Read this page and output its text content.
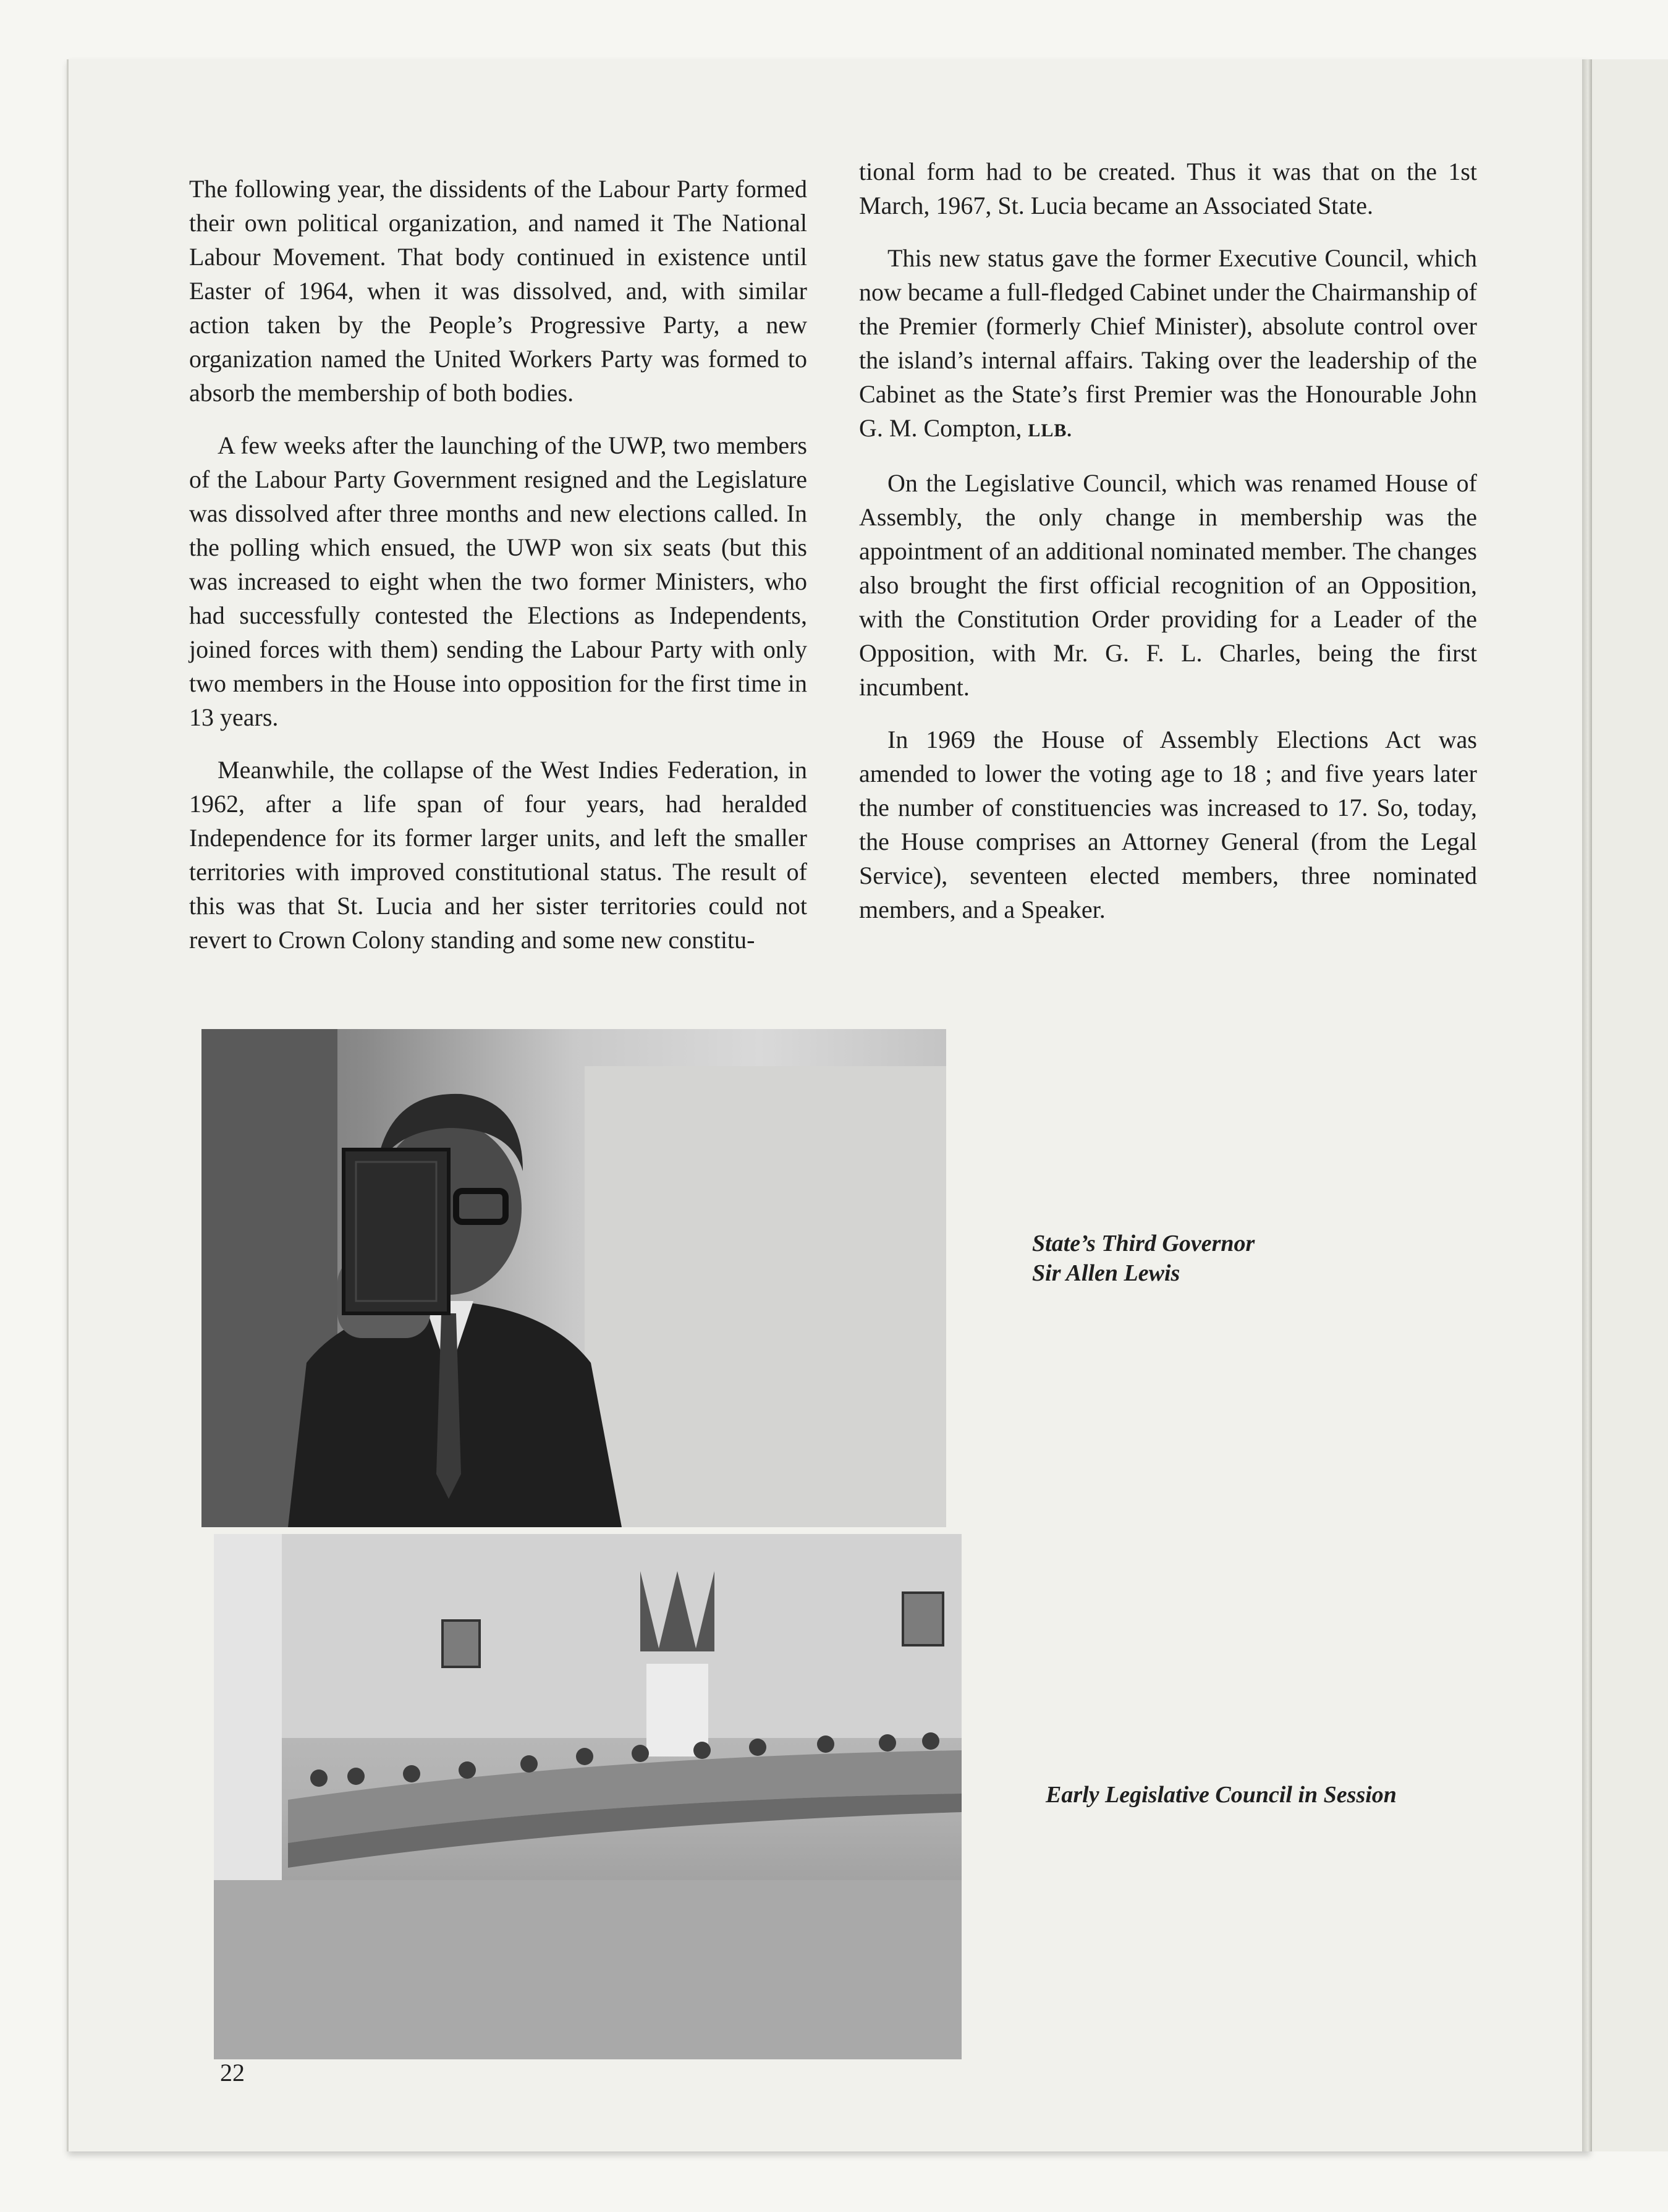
The following year, the dissidents of the Labour Party formed their own political organization, and named it The National Labour Movement. That body continued in existence until Easter of 1964, when it was dissolved, and, with similar action taken by the People’s Progressive Party, a new organization named the United Workers Party was formed to absorb the membership of both bodies.

A few weeks after the launching of the UWP, two members of the Labour Party Government resigned and the Legislature was dissolved after three months and new elections called. In the polling which ensued, the UWP won six seats (but this was increased to eight when the two former Ministers, who had successfully contested the Elections as Independents, joined forces with them) sending the Labour Party with only two members in the House into opposition for the first time in 13 years.

Meanwhile, the collapse of the West Indies Federation, in 1962, after a life span of four years, had heralded Independence for its former larger units, and left the smaller territories with improved constitutional status. The result of this was that St. Lucia and her sister territories could not revert to Crown Colony standing and some new constitu-

tional form had to be created. Thus it was that on the 1st March, 1967, St. Lucia became an Associated State.

This new status gave the former Executive Council, which now became a full-fledged Cabinet under the Chairmanship of the Premier (formerly Chief Minister), absolute control over the island’s internal affairs. Taking over the leadership of the Cabinet as the State’s first Premier was the Honourable John G. M. Compton, LLB.

On the Legislative Council, which was renamed House of Assembly, the only change in membership was the appointment of an additional nominated member. The changes also brought the first official recognition of an Opposition, with the Constitution Order providing for a Leader of the Opposition, with Mr. G. F. L. Charles, being the first incumbent.

In 1969 the House of Assembly Elections Act was amended to lower the voting age to 18 ; and five years later the number of constituencies was increased to 17. So, today, the House comprises an Attorney General (from the Legal Service), seventeen elected members, three nominated members, and a Speaker.

State’s Third Governor
Sir Allen Lewis
Early Legislative Council in Session
22
